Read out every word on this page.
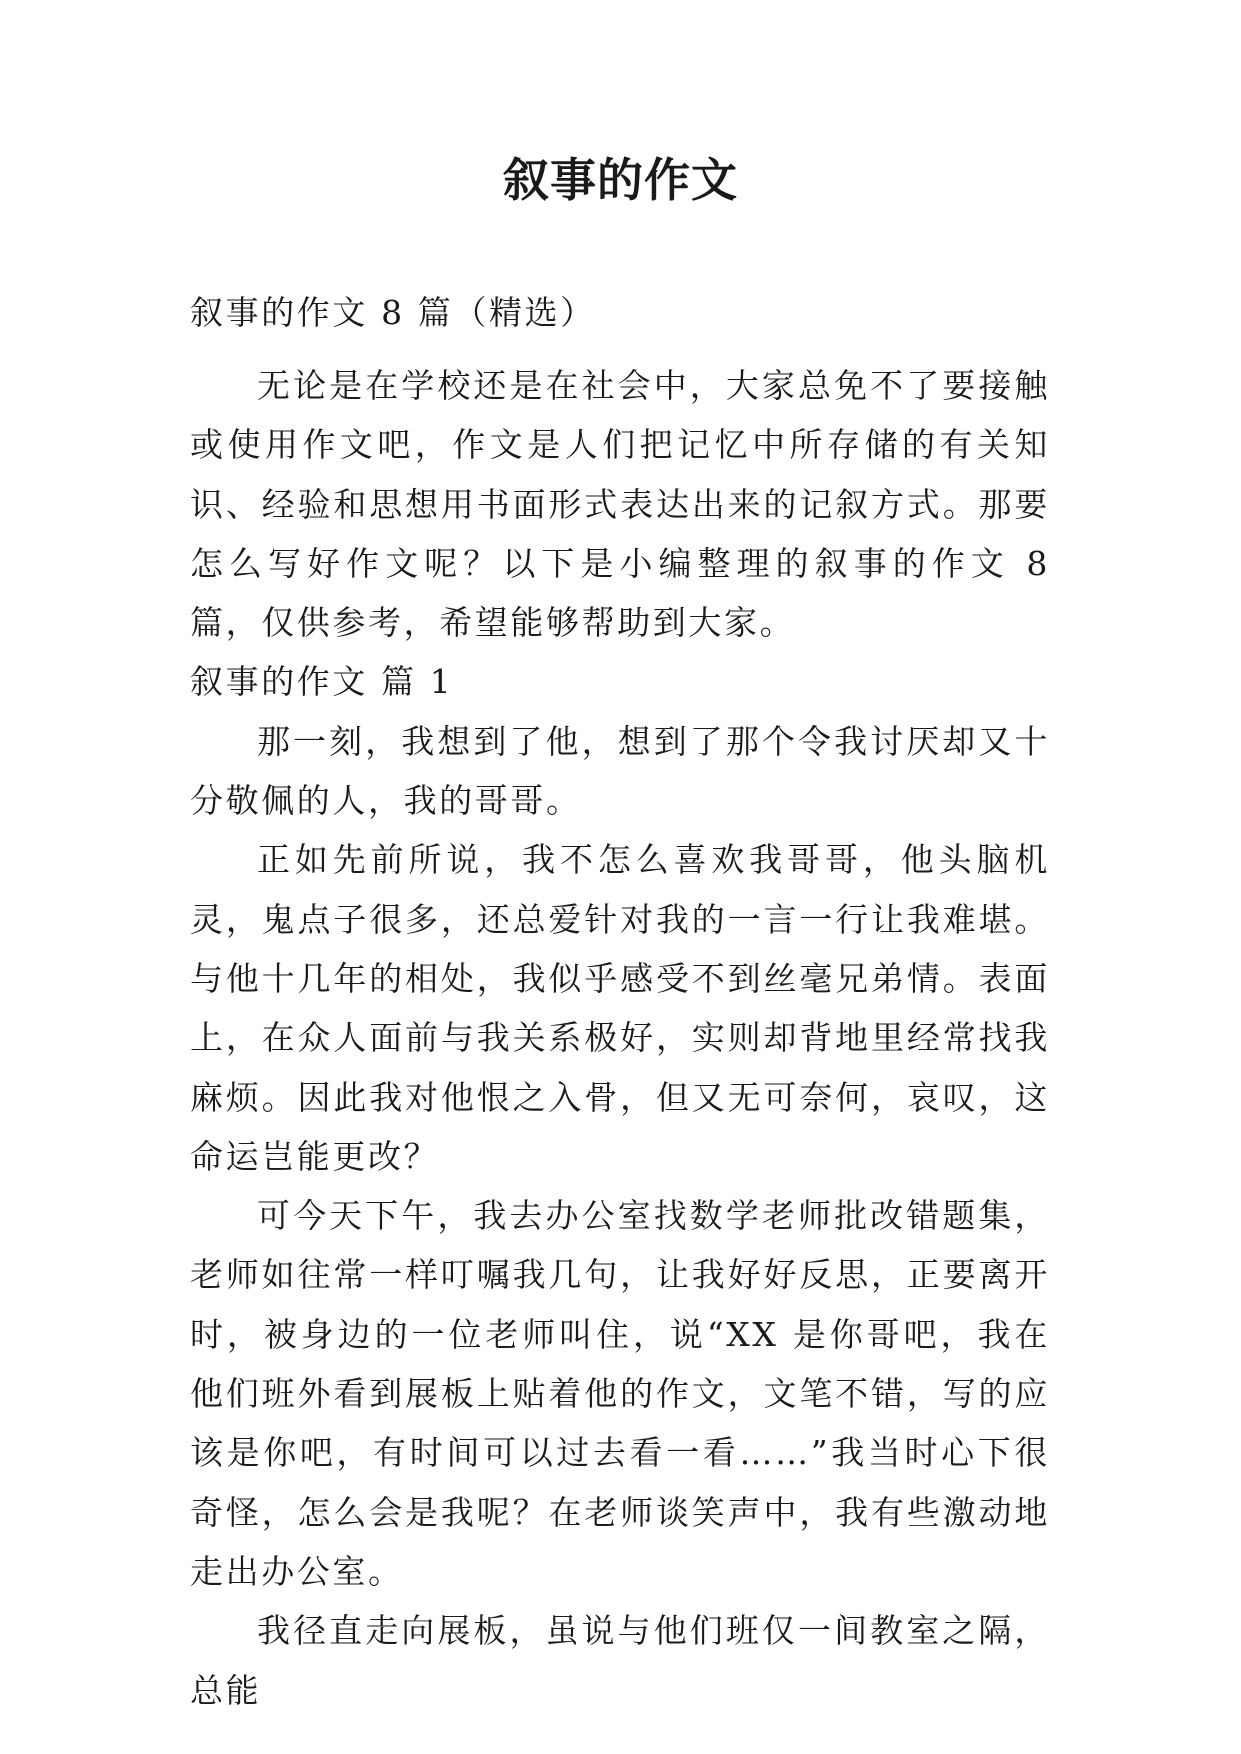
叙事的作文

叙事的作文 8 篇（精选）

无论是在学校还是在社会中，大家总免不了要接触或使用作文吧，作文是人们把记忆中所存储的有关知识、经验和思想用书面形式表达出来的记叙方式。那要怎么写好作文呢？以下是小编整理的叙事的作文 8 篇，仅供参考，希望能够帮助到大家。

叙事的作文 篇 1

那一刻，我想到了他，想到了那个令我讨厌却又十分敬佩的人，我的哥哥。

正如先前所说，我不怎么喜欢我哥哥，他头脑机灵，鬼点子很多，还总爱针对我的一言一行让我难堪。与他十几年的相处，我似乎感受不到丝毫兄弟情。表面上，在众人面前与我关系极好，实则却背地里经常找我麻烦。因此我对他恨之入骨，但又无可奈何，哀叹，这命运岂能更改？

可今天下午，我去办公室找数学老师批改错题集，老师如往常一样叮嘱我几句，让我好好反思，正要离开时，被身边的一位老师叫住，说“XX 是你哥吧，我在他们班外看到展板上贴着他的作文，文笔不错，写的应该是你吧，有时间可以过去看一看……”我当时心下很奇怪，怎么会是我呢？在老师谈笑声中，我有些激动地走出办公室。

我径直走向展板，虽说与他们班仅一间教室之隔，总能
